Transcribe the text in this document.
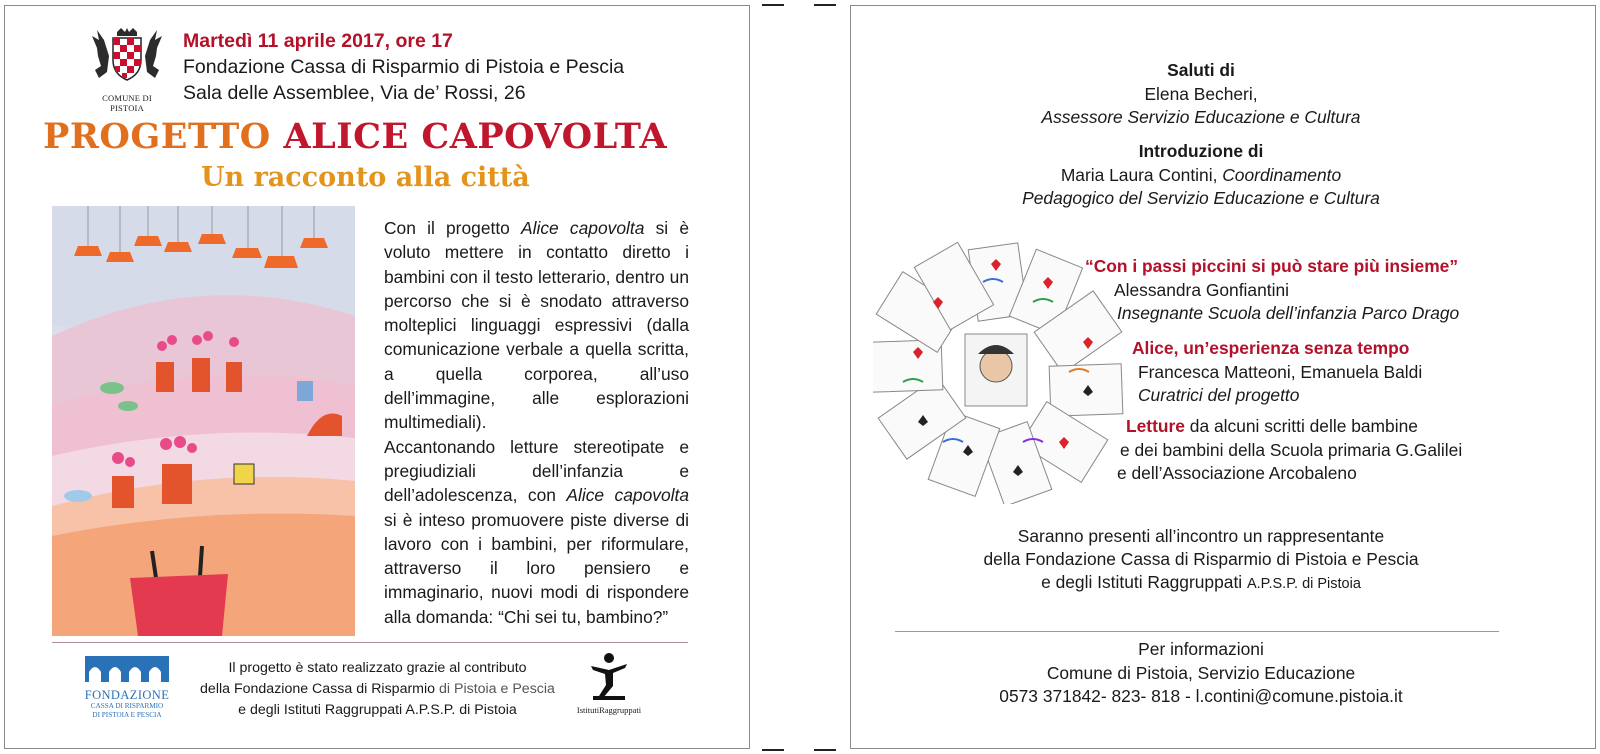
COMUNE DI PISTOIA
Martedì 11 aprile 2017, ore 17
Fondazione Cassa di Risparmio di Pistoia e Pescia
Sala delle Assemblee, Via de’ Rossi, 26
PROGETTO ALICE CAPOVOLTA
Un racconto alla città

Con il progetto Alice capovolta si è voluto mettere in contatto diretto i bambini con il testo letterario, dentro un percorso che si è snodato attraverso molteplici linguaggi espressivi (dalla comunicazione verbale a quella scritta, a quella corporea, all’uso dell’immagine, alle esplorazioni multimediali).

Accantonando letture stereotipate e pregiudiziali dell’infanzia e dell’adolescenza, con Alice capovolta si è inteso promuovere piste diverse di lavoro con i bambini, per riformulare, attraverso il loro pensiero e immaginario, nuovi modi di rispondere alla domanda: “Chi sei tu, bambino?”

FONDAZIONE
CASSA DI RISPARMIO
DI PISTOIA E PESCIA
Il progetto è stato realizzato grazie al contributo
della Fondazione Cassa di Risparmio di Pistoia e Pescia
e degli Istituti Raggruppati A.P.S.P. di Pistoia	IstitutiRaggruppati
Saluti di
Elena Becheri,
Assessore Servizio Educazione e Cultura
Introduzione di
Maria Laura Contini, Coordinamento
Pedagogico del Servizio Educazione e Cultura
“Con i passi piccini si può stare più insieme”
Alessandra Gonfiantini
Insegnante Scuola dell’infanzia Parco Drago
Alice, un’esperienza senza tempo
Francesca Matteoni, Emanuela Baldi
Curatrici del progetto
Letture da alcuni scritti delle bambine
e dei bambini della Scuola primaria G.Galilei
e dell’Associazione Arcobaleno
Saranno presenti all’incontro un rappresentante
della Fondazione Cassa di Risparmio di Pistoia e Pescia
e degli Istituti Raggruppati A.P.S.P. di Pistoia
Per informazioni
Comune di Pistoia, Servizio Educazione
0573 371842- 823- 818 - l.contini@comune.pistoia.it
